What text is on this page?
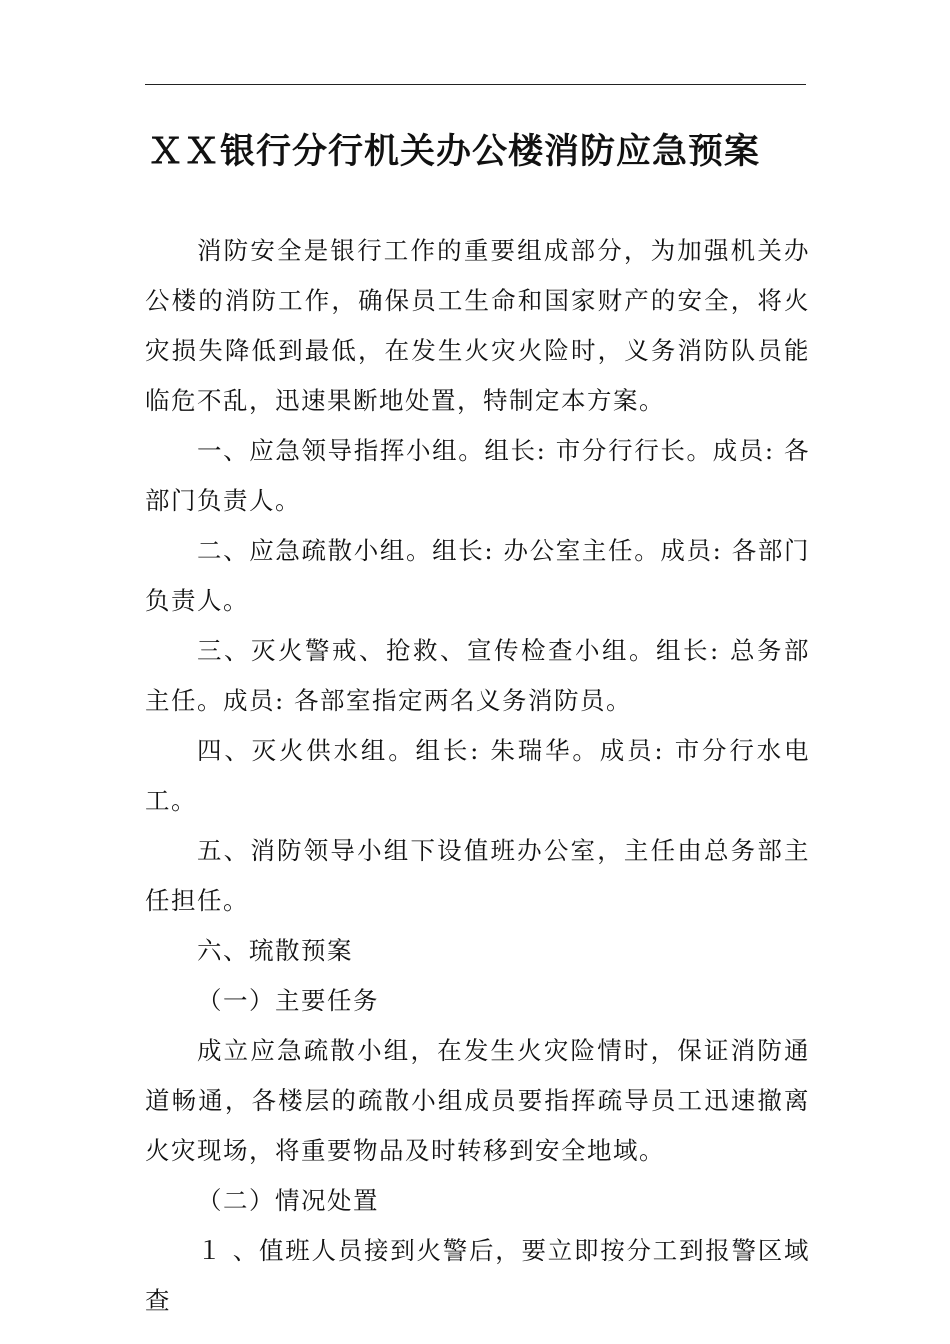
ＸＸ银行分行机关办公楼消防应急预案

消防安全是银行工作的重要组成部分，为加强机关办公楼的消防工作，确保员工生命和国家财产的安全，将火灾损失降低到最低，在发生火灾火险时，义务消防队员能临危不乱，迅速果断地处置，特制定本方案。

一、应急领导指挥小组。组长: 市分行行长。成员: 各部门负责人。

二、应急疏散小组。组长: 办公室主任。成员: 各部门负责人。

三、灭火警戒、抢救、宣传检查小组。组长: 总务部主任。成员: 各部室指定两名义务消防员。

四、灭火供水组。组长: 朱瑞华。成员: 市分行水电工。

五、消防领导小组下设值班办公室，主任由总务部主任担任。

六、琉散预案

（一）主要任务

成立应急疏散小组，在发生火灾险情时，保证消防通道畅通，各楼层的疏散小组成员要指挥疏导员工迅速撤离火灾现场，将重要物品及时转移到安全地域。

（二）情况处置

１ 、值班人员接到火警后，要立即按分工到报警区域查
